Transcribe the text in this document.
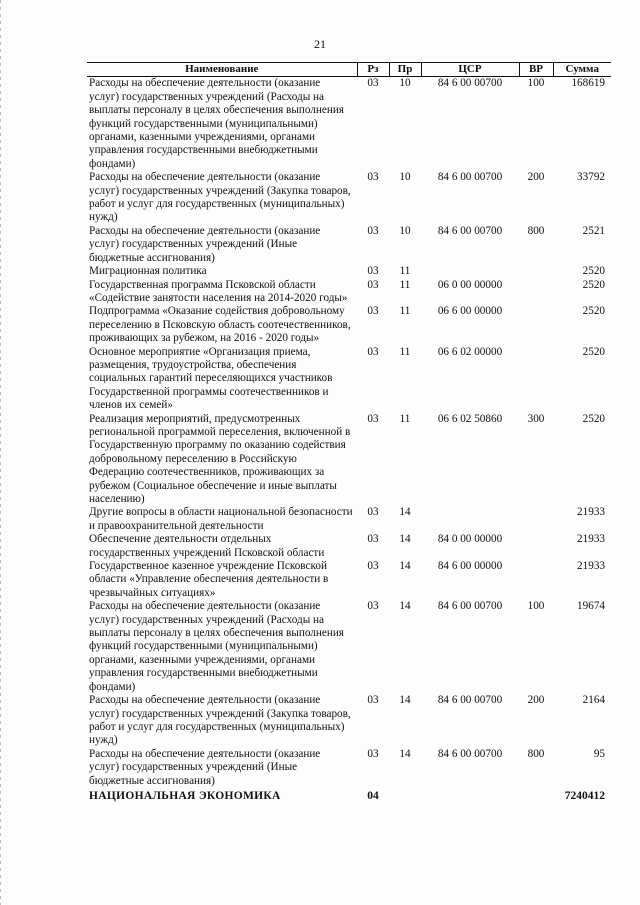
21
Наименование	Рз	Пр	ЦСР	ВР	Сумма
Расходы на обеспечение деятельности (оказание услуг) государственных учреждений (Расходы на выплаты персоналу в целях обеспечения выполнения функций государственными (муниципальными) органами, казенными учреждениями, органами управления государственными внебюджетными фондами)	03	10	84 6 00 00700	100	168619
Расходы на обеспечение деятельности (оказание услуг) государственных учреждений (Закупка товаров, работ и услуг для государственных (муниципальных) нужд)	03	10	84 6 00 00700	200	33792
Расходы на обеспечение деятельности (оказание услуг) государственных учреждений (Иные бюджетные ассигнования)	03	10	84 6 00 00700	800	2521
Миграционная политика	03	11			2520
Государственная программа Псковской области «Содействие занятости населения на 2014-2020 годы»	03	11	06 0 00 00000		2520
Подпрограмма «Оказание содействия добровольному переселению в Псковскую область соотечественников, проживающих за рубежом, на 2016 - 2020 годы»	03	11	06 6 00 00000		2520
Основное мероприятие «Организация приема, размещения, трудоустройства, обеспечения социальных гарантий переселяющихся участников Государственной программы соотечественников и членов их семей»	03	11	06 6 02 00000		2520
Реализация мероприятий, предусмотренных региональной программой переселения, включенной в Государственную программу по оказанию содействия добровольному переселению в Российскую Федерацию соотечественников, проживающих за рубежом (Социальное обеспечение и иные выплаты населению)	03	11	06 6 02 50860	300	2520
Другие вопросы в области национальной безопасности и правоохранительной деятельности	03	14			21933
Обеспечение деятельности отдельных государственных учреждений Псковской области	03	14	84 0 00 00000		21933
Государственное казенное учреждение Псковской области «Управление обеспечения деятельности в чрезвычайных ситуациях»	03	14	84 6 00 00000		21933
Расходы на обеспечение деятельности (оказание услуг) государственных учреждений (Расходы на выплаты персоналу в целях обеспечения выполнения функций государственными (муниципальными) органами, казенными учреждениями, органами управления государственными внебюджетными фондами)	03	14	84 6 00 00700	100	19674
Расходы на обеспечение деятельности (оказание услуг) государственных учреждений (Закупка товаров, работ и услуг для государственных (муниципальных) нужд)	03	14	84 6 00 00700	200	2164
Расходы на обеспечение деятельности (оказание услуг) государственных учреждений (Иные бюджетные ассигнования)	03	14	84 6 00 00700	800	95
НАЦИОНАЛЬНАЯ ЭКОНОМИКА	04				7240412
